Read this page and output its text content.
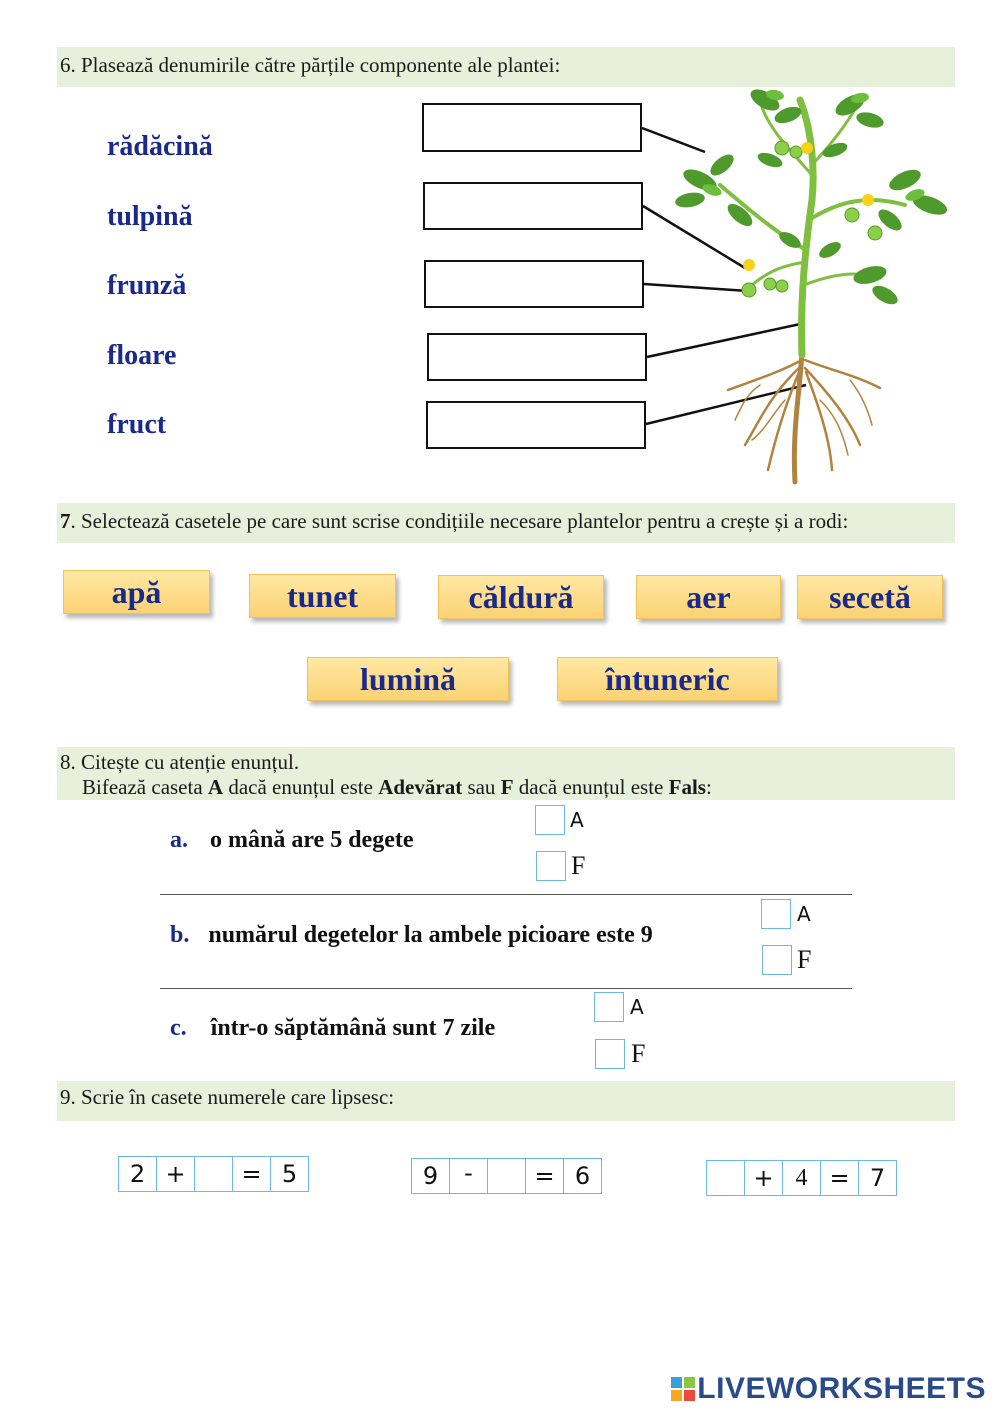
6. Plasează denumirile către părțile componente ale plantei:
rădăcină
tulpină
frunză
floare
fruct
7. Selectează casetele pe care sunt scrise condițiile necesare plantelor pentru a crește și a rodi:
apă	tunet	căldură	aer	secetă
lumină	întuneric
8. Citește cu atenție enunțul.
Bifează caseta A dacă enunțul este Adevărat sau F dacă enunțul este Fals:
a. o mână are 5 degete
A
F
b. numărul degetelor la ambele picioare este 9
A
F
c. într-o săptămână sunt 7 zile
A
F
9. Scrie în casete numerele care lipsesc:
2 +	= 5	9	-	= 6	+ 4 = 7
LIVEWORKSHEETS
